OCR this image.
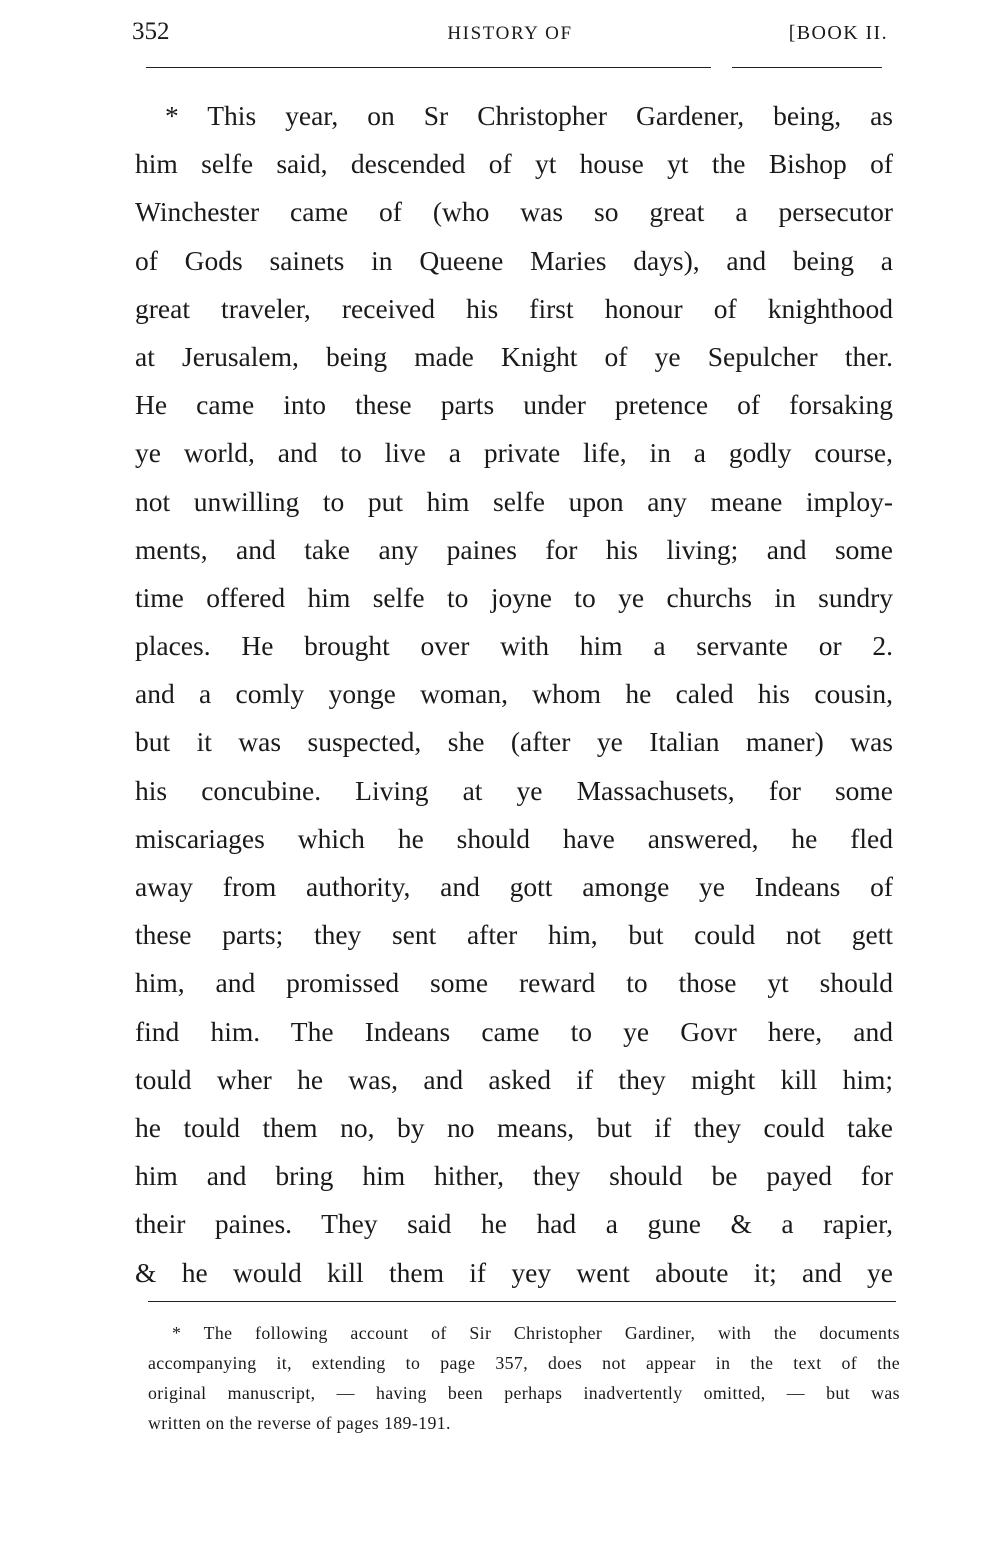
352	HISTORY OF	[BOOK II.
* This year, on Sr Christopher Gardener, being, as
him selfe said, descended of yt house yt the Bishop of
Winchester came of (who was so great a persecutor
of Gods sainets in Queene Maries days), and being a
great traveler, received his first honour of knighthood
at Jerusalem, being made Knight of ye Sepulcher ther.
He came into these parts under pretence of forsaking
ye world, and to live a private life, in a godly course,
not unwilling to put him selfe upon any meane imploy-
ments, and take any paines for his living; and some
time offered him selfe to joyne to ye churchs in sundry
places. He brought over with him a servante or 2.
and a comly yonge woman, whom he caled his cousin,
but it was suspected, she (after ye Italian maner) was
his concubine. Living at ye Massachusets, for some
miscariages which he should have answered, he fled
away from authority, and gott amonge ye Indeans of
these parts; they sent after him, but could not gett
him, and promissed some reward to those yt should
find him. The Indeans came to ye Govr here, and
tould wher he was, and asked if they might kill him;
he tould them no, by no means, but if they could take
him and bring him hither, they should be payed for
their paines. They said he had a gune & a rapier,
& he would kill them if yey went aboute it; and ye
* The following account of Sir Christopher Gardiner, with the documents
accompanying it, extending to page 357, does not appear in the text of the
original manuscript, — having been perhaps inadvertently omitted, — but was
written on the reverse of pages 189-191.
